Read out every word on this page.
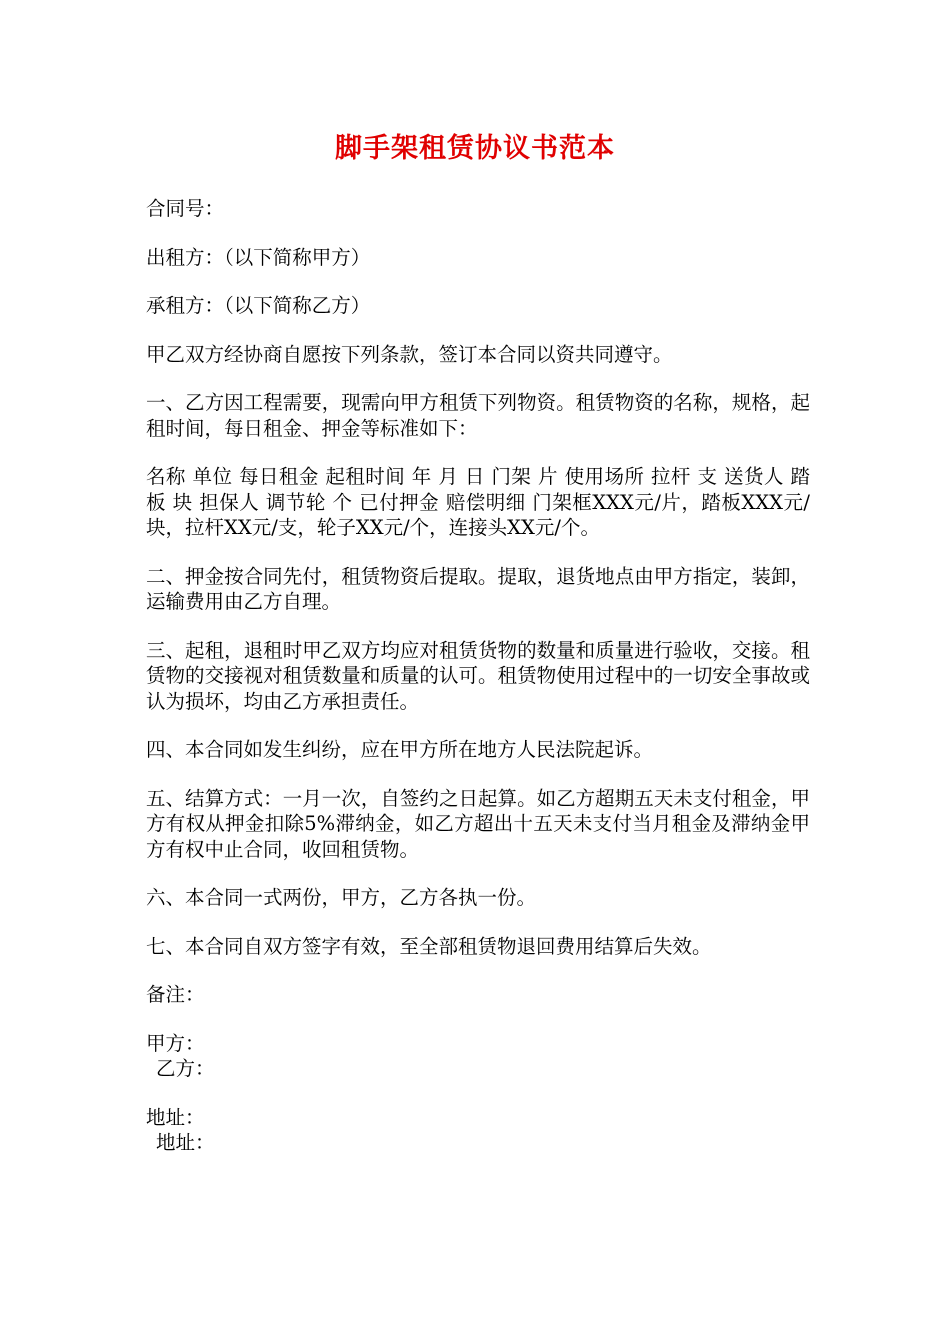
脚手架租赁协议书范本

合同号：

出租方：（以下简称甲方）

承租方：（以下简称乙方）

甲乙双方经协商自愿按下列条款，签订本合同以资共同遵守。

一、乙方因工程需要，现需向甲方租赁下列物资。租赁物资的名称，规格，起租时间，每日租金、押金等标准如下：

名称 单位 每日租金 起租时间 年 月 日 门架 片 使用场所 拉杆 支 送货人 踏板 块 担保人 调节轮 个 已付押金 赔偿明细 门架框XXX元/片，踏板XXX元/块，拉杆XX元/支，轮子XX元/个，连接头XX元/个。

二、押金按合同先付，租赁物资后提取。提取，退货地点由甲方指定，装卸，运输费用由乙方自理。

三、起租，退租时甲乙双方均应对租赁货物的数量和质量进行验收，交接。租赁物的交接视对租赁数量和质量的认可。租赁物使用过程中的一切安全事故或认为损坏，均由乙方承担责任。

四、本合同如发生纠纷，应在甲方所在地方人民法院起诉。

五、结算方式：一月一次，自签约之日起算。如乙方超期五天未支付租金，甲方有权从押金扣除5%滞纳金，如乙方超出十五天未支付当月租金及滞纳金甲方有权中止合同，收回租赁物。

六、本合同一式两份，甲方，乙方各执一份。

七、本合同自双方签字有效，至全部租赁物退回费用结算后失效。

备注：

甲方：

乙方：

地址：

地址：
